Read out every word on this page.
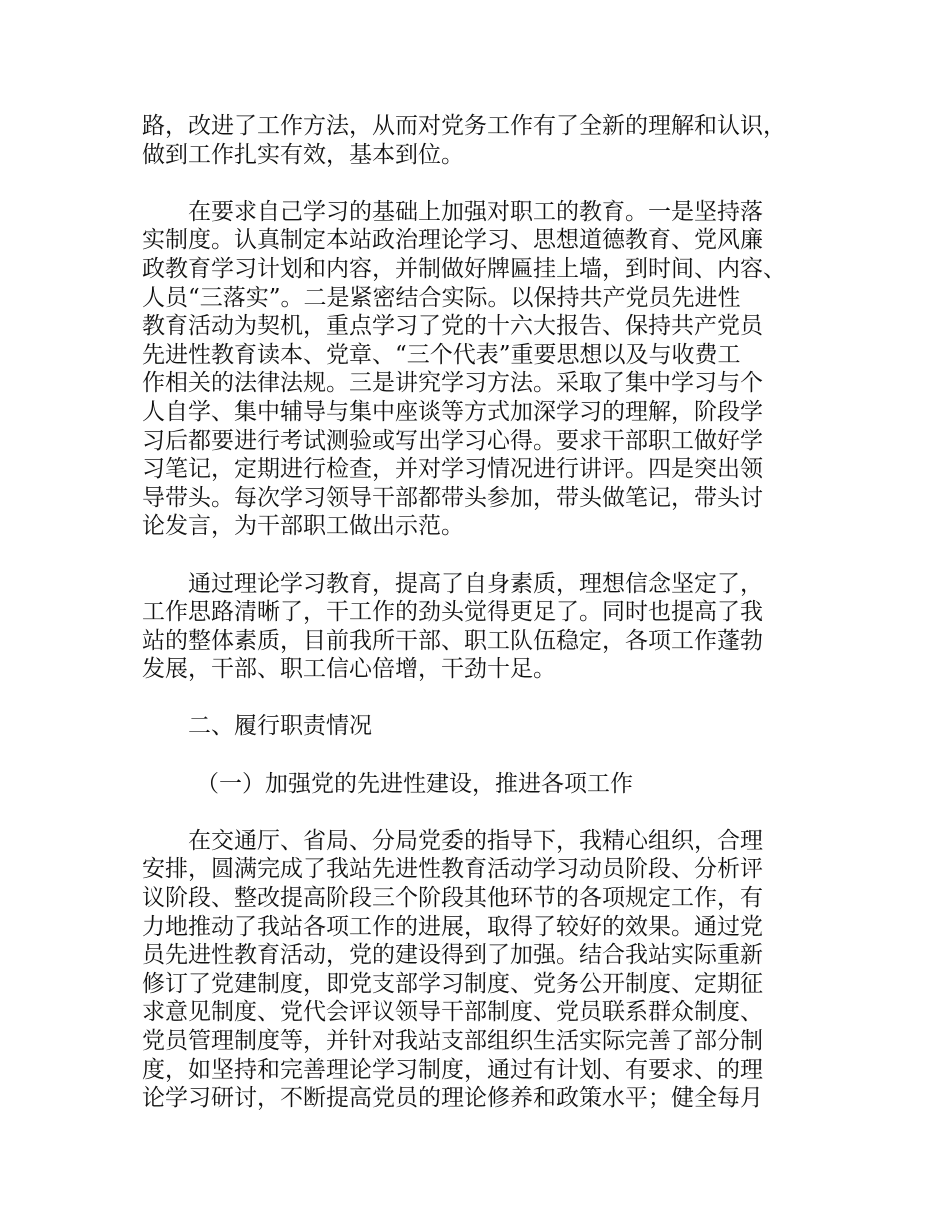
路，改进了工作方法，从而对党务工作有了全新的理解和认识，
做到工作扎实有效，基本到位。

在要求自己学习的基础上加强对职工的教育。一是坚持落
实制度。认真制定本站政治理论学习、思想道德教育、党风廉
政教育学习计划和内容，并制做好牌匾挂上墙，到时间、内容、
人员“三落实”。二是紧密结合实际。以保持共产党员先进性
教育活动为契机，重点学习了党的十六大报告、保持共产党员
先进性教育读本、党章、“三个代表”重要思想以及与收费工
作相关的法律法规。三是讲究学习方法。采取了集中学习与个
人自学、集中辅导与集中座谈等方式加深学习的理解，阶段学
习后都要进行考试测验或写出学习心得。要求干部职工做好学
习笔记，定期进行检查，并对学习情况进行讲评。四是突出领
导带头。每次学习领导干部都带头参加，带头做笔记，带头讨
论发言，为干部职工做出示范。

通过理论学习教育，提高了自身素质，理想信念坚定了，
工作思路清晰了，干工作的劲头觉得更足了。同时也提高了我
站的整体素质，目前我所干部、职工队伍稳定，各项工作蓬勃
发展，干部、职工信心倍增，干劲十足。

二、履行职责情况

（一）加强党的先进性建设，推进各项工作

在交通厅、省局、分局党委的指导下，我精心组织，合理
安排，圆满完成了我站先进性教育活动学习动员阶段、分析评
议阶段、整改提高阶段三个阶段其他环节的各项规定工作，有
力地推动了我站各项工作的进展，取得了较好的效果。通过党
员先进性教育活动，党的建设得到了加强。结合我站实际重新
修订了党建制度，即党支部学习制度、党务公开制度、定期征
求意见制度、党代会评议领导干部制度、党员联系群众制度、
党员管理制度等，并针对我站支部组织生活实际完善了部分制
度，如坚持和完善理论学习制度，通过有计划、有要求、的理
论学习研讨，不断提高党员的理论修养和政策水平；健全每月
